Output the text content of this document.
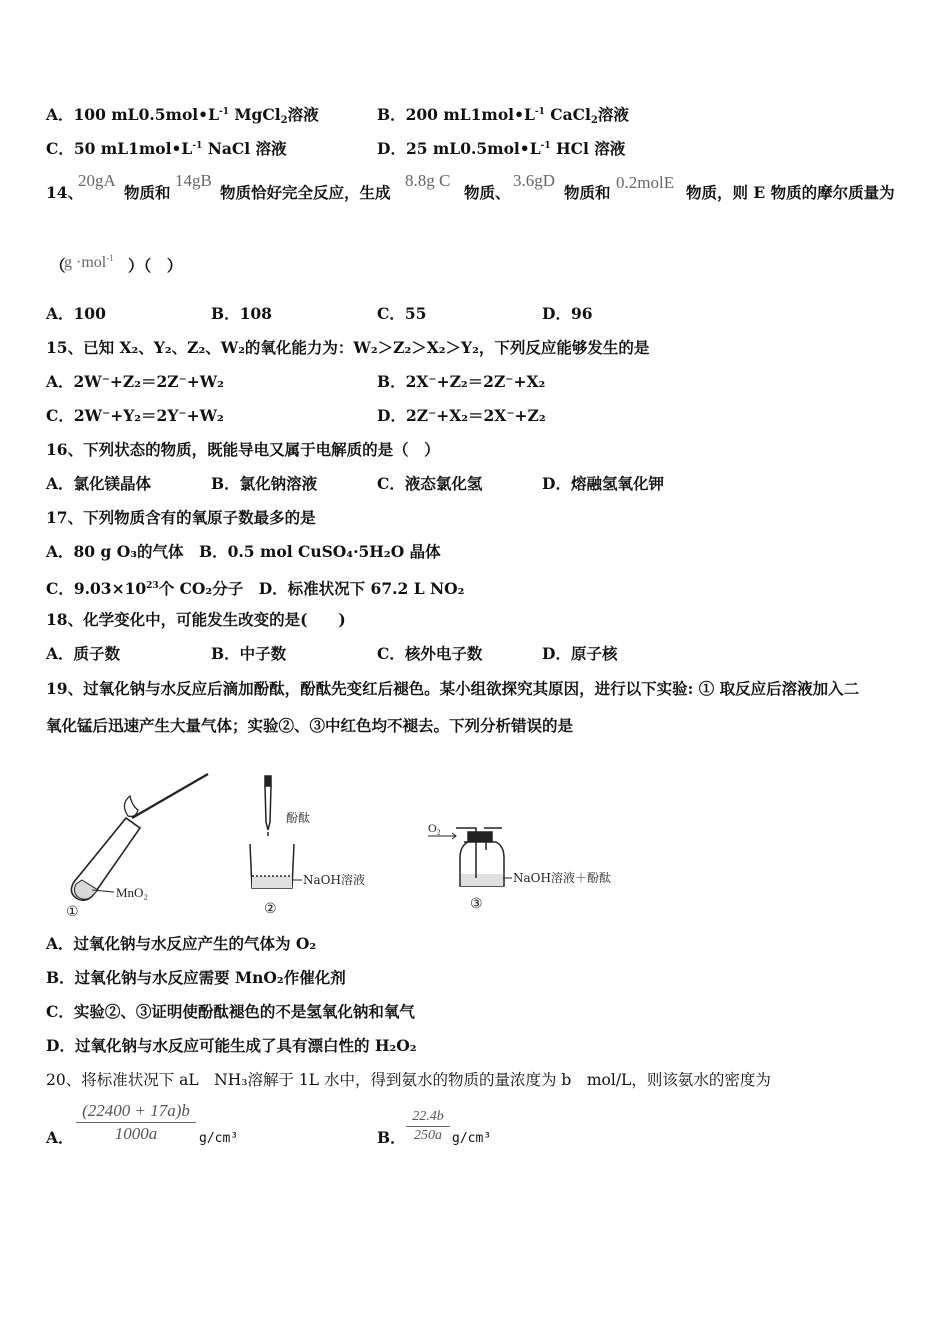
A．100 $mL0.5mol•L^{-1}$ MgCl$_2$溶液	B．200 $mL1mol•L^{-1}$ CaCl$_2$溶液
C．50 $mL1mol•L^{-1}$ NaCl 溶液	D．25 $mL0.5mol•L^{-1}$ HCl 溶液
14、
20gA
物质和
14gB
物质恰好完全反应，生成
8.8g C
物质、
3.6gD
物质和
0.2molE
物质，则 E 物质的摩尔质量为
（
g ·mol$^{-1}$ ）（　）
A．100	B．108	C．55	D．96
15、已知 X₂、Y₂、Z₂、W₂的氧化能力为：W₂＞Z₂＞X₂＞Y₂，下列反应能够发生的是
A．2W⁻+Z₂＝2Z⁻+W₂	B．2X⁻+Z₂＝2Z⁻+X₂
C．2W⁻+Y₂＝2Y⁻+W₂	D．2Z⁻+X₂＝2X⁻+Z₂
16、下列状态的物质，既能导电又属于电解质的是（　）
A．氯化镁晶体	B．氯化钠溶液	C．液态氯化氢	D．熔融氢氧化钾
17、下列物质含有的氧原子数最多的是
A．80 g O₃的气体　B．0.5 mol CuSO₄·5H₂O 晶体
C．$9.03\times 10^{23}$个 CO₂分子　D．标准状况下 67.2 L NO₂
18、化学变化中，可能发生改变的是(　　)
A．质子数	B．中子数	C．核外电子数	D．原子核
19、过氧化钠与水反应后滴加酚酞，酚酞先变红后褪色。某小组欲探究其原因，进行以下实验: ① 取反应后溶液加入二
氧化锰后迅速产生大量气体；实验②、③中红色均不褪去。下列分析错误的是
MnO₂
①
酚酞
NaOH溶液
②
O₂
NaOH溶液＋酚酞
③
A．过氧化钠与水反应产生的气体为 O₂
B．过氧化钠与水反应需要 MnO₂作催化剂
C．实验②、③证明使酚酞褪色的不是氢氧化钠和氧气
D．过氧化钠与水反应可能生成了具有漂白性的 H₂O₂
20、将标准状况下 aL　NH₃溶解于 1L 水中，得到氨水的物质的量浓度为 b　mol/L，则该氨水的密度为
A．
(22400 + 17a)b
1000a	g/cm³	B．
22.4b
250a g/cm³
